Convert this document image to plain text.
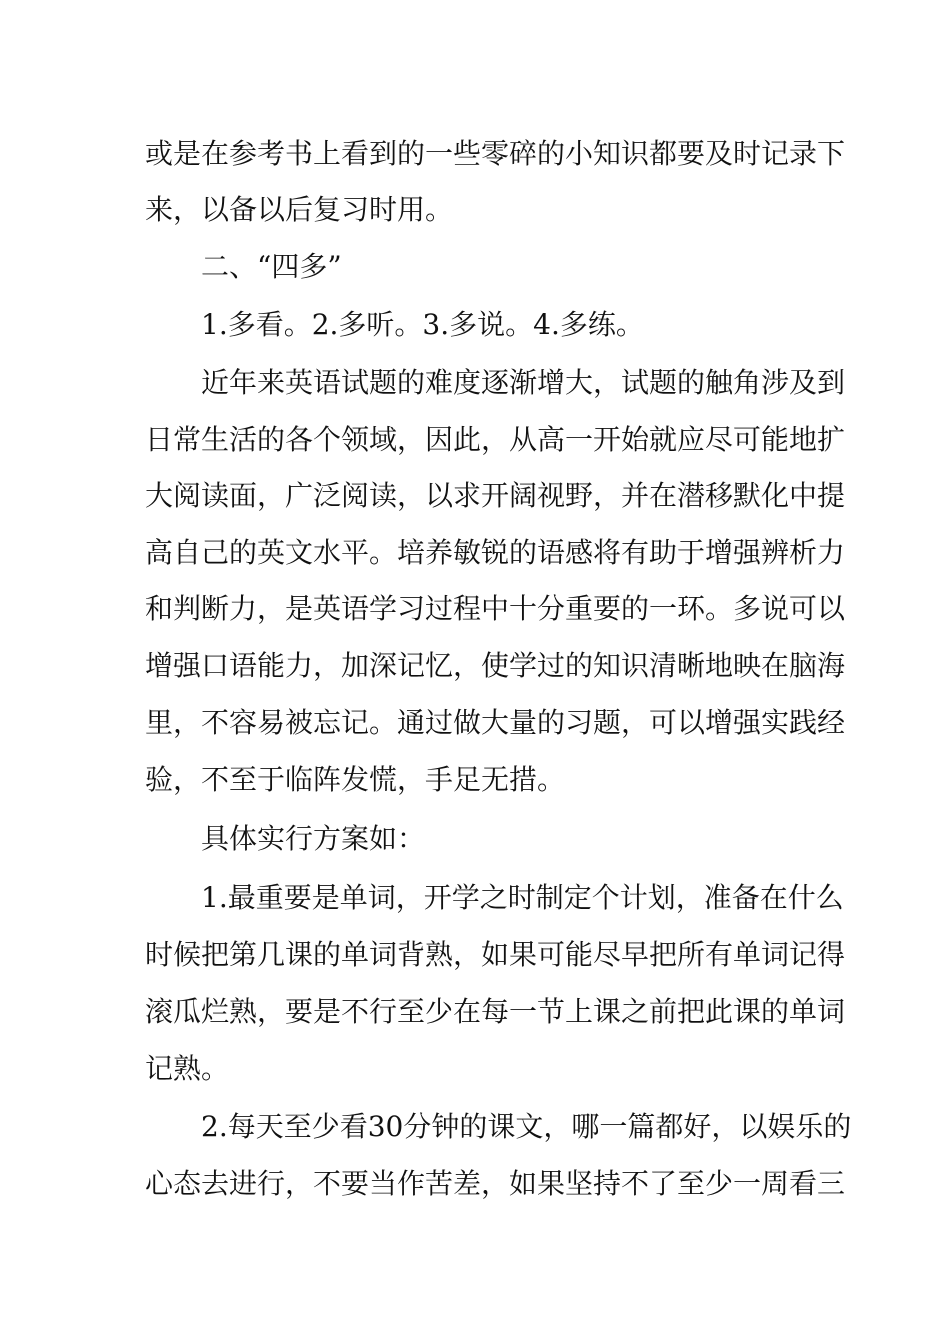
或是在参考书上看到的一些零碎的小知识都要及时记录下
来，以备以后复习时用。
二、“四多”
1.多看。2.多听。3.多说。4.多练。
近年来英语试题的难度逐渐增大，试题的触角涉及到
日常生活的各个领域，因此，从高一开始就应尽可能地扩
大阅读面，广泛阅读，以求开阔视野，并在潜移默化中提
高自己的英文水平。培养敏锐的语感将有助于增强辨析力
和判断力，是英语学习过程中十分重要的一环。多说可以
增强口语能力，加深记忆，使学过的知识清晰地映在脑海
里，不容易被忘记。通过做大量的习题，可以增强实践经
验，不至于临阵发慌，手足无措。
具体实行方案如：
1.最重要是单词，开学之时制定个计划，准备在什么
时候把第几课的单词背熟，如果可能尽早把所有单词记得
滚瓜烂熟，要是不行至少在每一节上课之前把此课的单词
记熟。
2.每天至少看30分钟的课文，哪一篇都好，以娱乐的
心态去进行，不要当作苦差，如果坚持不了至少一周看三
